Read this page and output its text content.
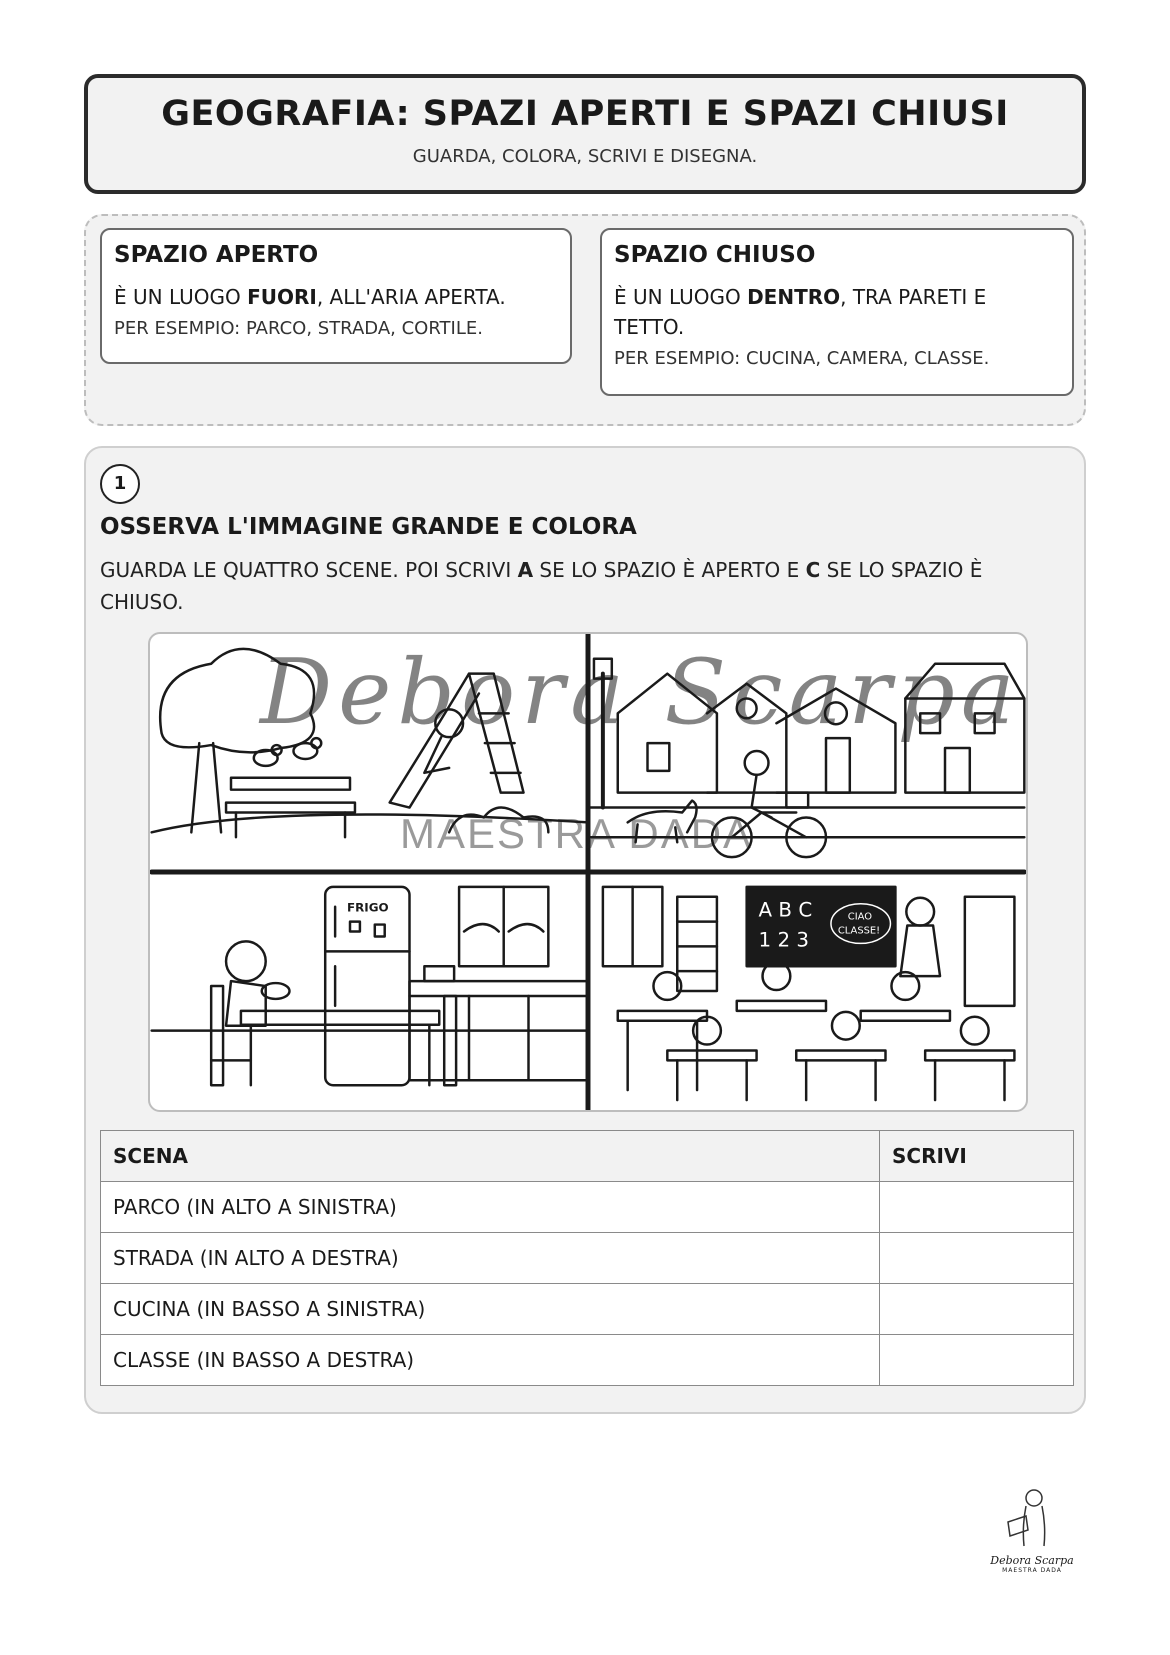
GEOGRAFIA: SPAZI APERTI E SPAZI CHIUSI
GUARDA, COLORA, SCRIVI E DISEGNA.
SPAZIO APERTO
È UN LUOGO FUORI, ALL'ARIA APERTA.
PER ESEMPIO: PARCO, STRADA, CORTILE.
SPAZIO CHIUSO
È UN LUOGO DENTRO, TRA PARETI E TETTO.
PER ESEMPIO: CUCINA, CAMERA, CLASSE.
1
OSSERVA L'IMMAGINE GRANDE E COLORA
GUARDA LE QUATTRO SCENE. POI SCRIVI A SE LO SPAZIO È APERTO E C SE LO SPAZIO È CHIUSO.
FRIGO	A B C
1 2 3
CIAO
CLASSE!
SCENA	SCRIVI
PARCO (IN ALTO A SINISTRA)	
STRADA (IN ALTO A DESTRA)	
CUCINA (IN BASSO A SINISTRA)	
CLASSE (IN BASSO A DESTRA)	
Debora Scarpa
MAESTRA DADA
Debora Scarpa
MAESTRA DADA
